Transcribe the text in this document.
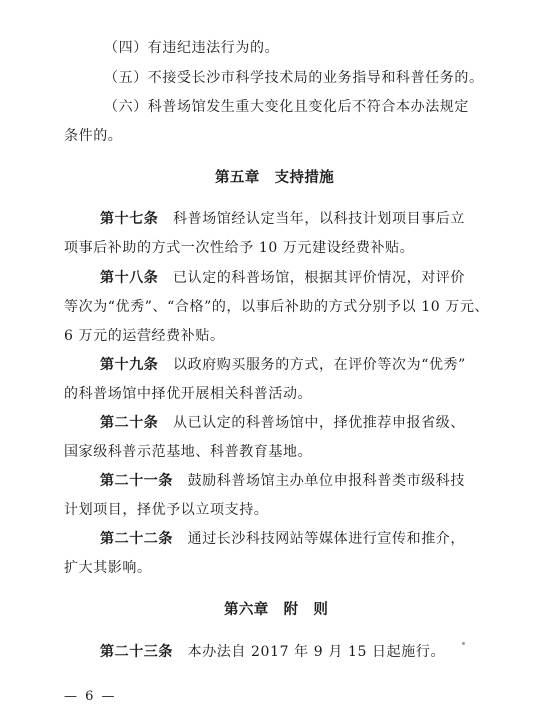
（四）有违纪违法行为的。
（五）不接受长沙市科学技术局的业务指导和科普任务的。
（六）科普场馆发生重大变化且变化后不符合本办法规定
条件的。
第五章　支持措施
第十七条　科普场馆经认定当年，以科技计划项目事后立
项事后补助的方式一次性给予 10 万元建设经费补贴。
第十八条　已认定的科普场馆，根据其评价情况，对评价
等次为“优秀”、“合格”的，以事后补助的方式分别予以 10 万元、
6 万元的运营经费补贴。
第十九条　以政府购买服务的方式，在评价等次为“优秀”
的科普场馆中择优开展相关科普活动。
第二十条　从已认定的科普场馆中，择优推荐申报省级、
国家级科普示范基地、科普教育基地。
第二十一条　鼓励科普场馆主办单位申报科普类市级科技
计划项目，择优予以立项支持。
第二十二条　通过长沙科技网站等媒体进行宣传和推介，
扩大其影响。
第六章　附　则
第二十三条　本办法自 2017 年 9 月 15 日起施行。
— 6 —
